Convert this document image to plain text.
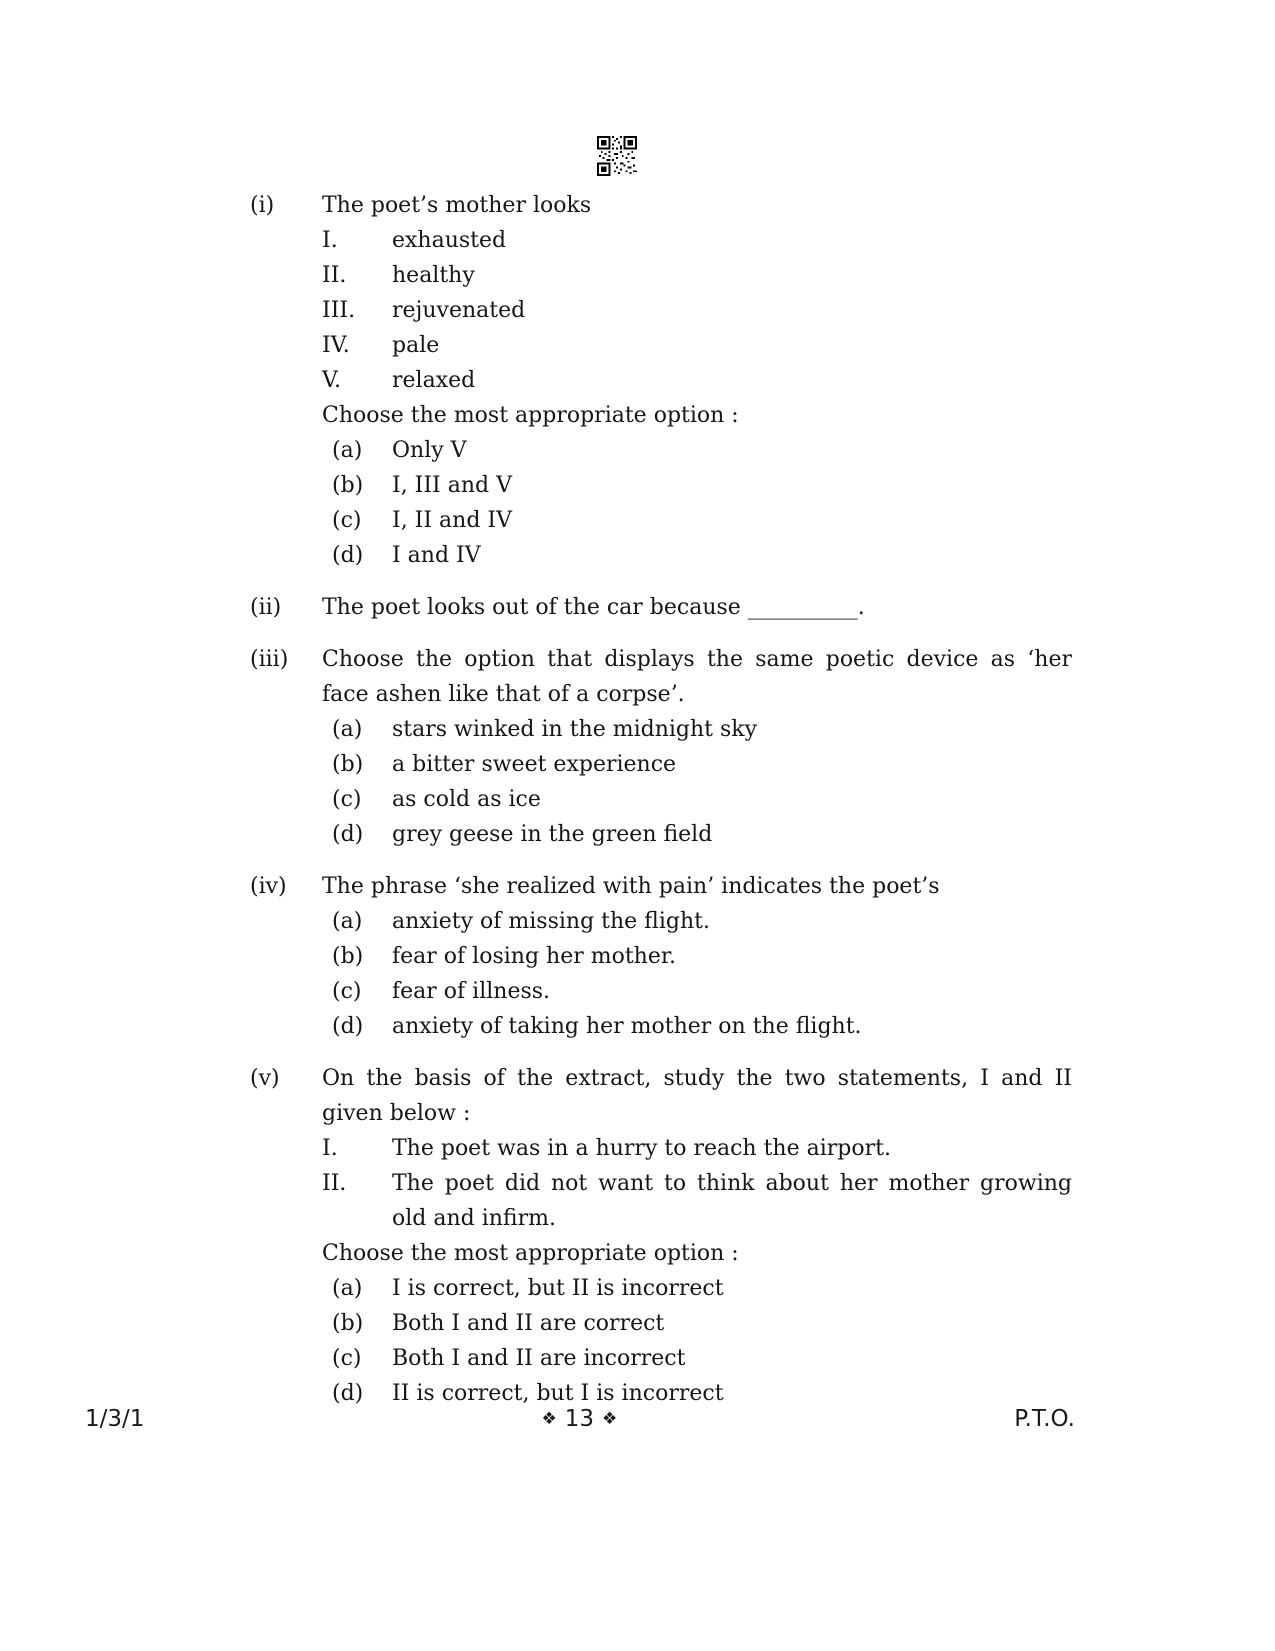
(i)	The poet’s mother looks

I.	exhausted
II.	healthy
III.	rejuvenated
IV.	pale
V.	relaxed

Choose the most appropriate option :

(a)	Only V
(b)	I, III and V
(c)	I, II and IV
(d)	I and IV
(ii)	The poet looks out of the car because __________.

(iii)	Choose the option that displays the same poetic device as ‘her face ashen like that of a corpse’.

(a)	stars winked in the midnight sky
(b)	a bitter sweet experience
(c)	as cold as ice
(d)	grey geese in the green field
(iv)	The phrase ‘she realized with pain’ indicates the poet’s

(a)	anxiety of missing the flight.
(b)	fear of losing her mother.
(c)	fear of illness.
(d)	anxiety of taking her mother on the flight.
(v)	On the basis of the extract, study the two statements, I and II given below :

I.	The poet was in a hurry to reach the airport.
II.	The poet did not want to think about her mother growing old and infirm.

Choose the most appropriate option :

(a)	I is correct, but II is incorrect
(b)	Both I and II are correct
(c)	Both I and II are incorrect
(d)	II is correct, but I is incorrect
1/3/1	❖ 13 ❖	P.T.O.
